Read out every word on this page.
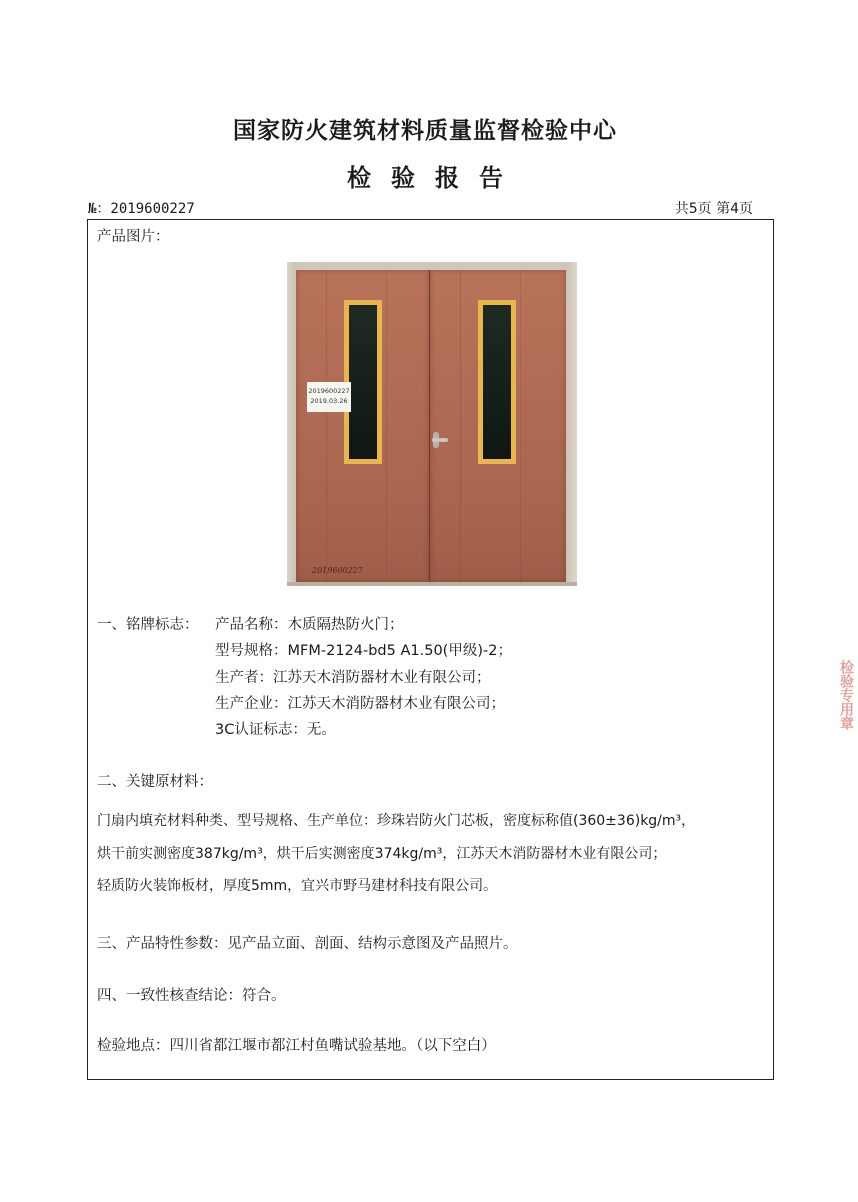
国家防火建筑材料质量监督检验中心
检验报告
№：2019600227	共5页 第4页
产品图片：
2019600227
2019.03.26
2019600227
一、铭牌标志： 产品名称：木质隔热防火门；
型号规格：MFM-2124-bd5 A1.50(甲级)-2；
生产者：江苏天木消防器材木业有限公司；
生产企业：江苏天木消防器材木业有限公司；
3C认证标志：无。
二、关键原材料：
门扇内填充材料种类、型号规格、生产单位：珍珠岩防火门芯板，密度标称值(360±36)kg/m³，
烘干前实测密度387kg/m³，烘干后实测密度374kg/m³，江苏天木消防器材木业有限公司；
轻质防火装饰板材，厚度5mm，宜兴市野马建材科技有限公司。
三、产品特性参数：见产品立面、剖面、结构示意图及产品照片。
四、一致性核查结论：符合。
检验地点：四川省都江堰市都江村鱼嘴试验基地。（以下空白）
检验专用章
